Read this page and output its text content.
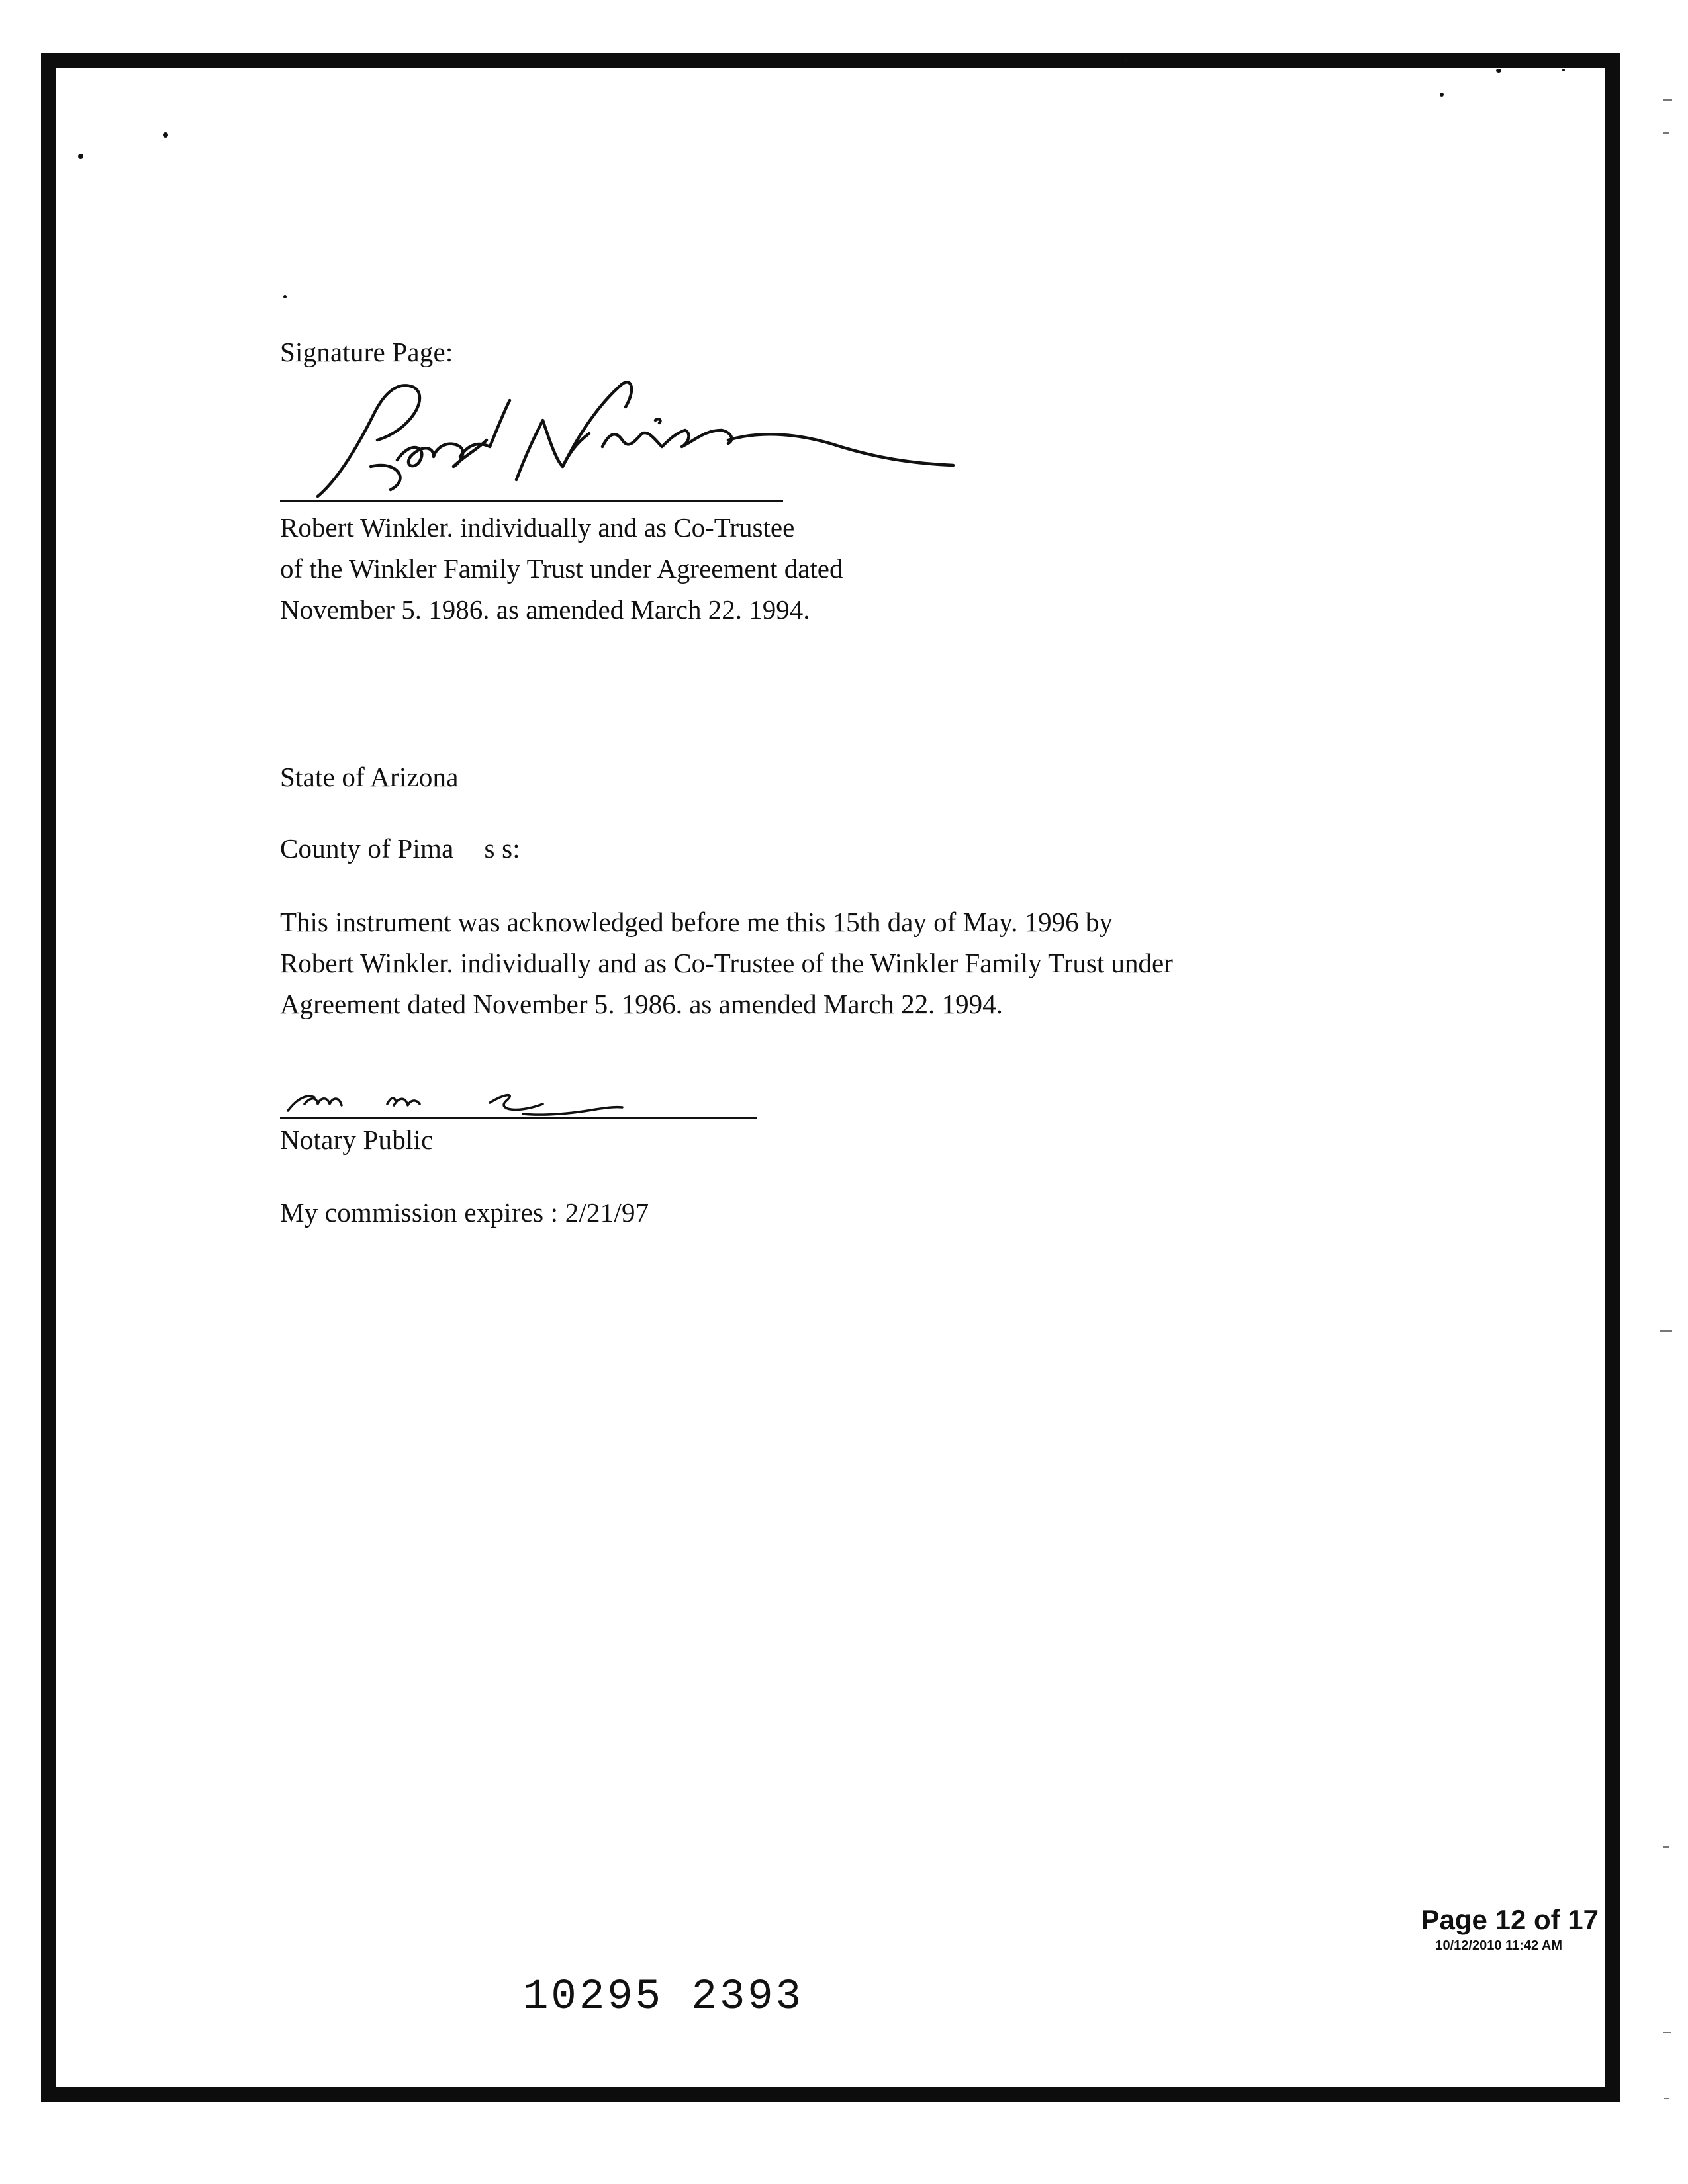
Signature Page:
Robert Winkler. individually and as Co-Trustee
of the Winkler Family Trust under Agreement dated
November 5. 1986. as amended March 22. 1994.
State of Arizona
County of Pima s s:
This instrument was acknowledged before me this 15th day of May. 1996 by
Robert Winkler. individually and as Co-Trustee of the Winkler Family Trust under
Agreement dated November 5. 1986. as amended March 22. 1994.
Notary Public
My commission expires : 2/21/97
Page 12 of 17
10/12/2010 11:42 AM
10295 2393
